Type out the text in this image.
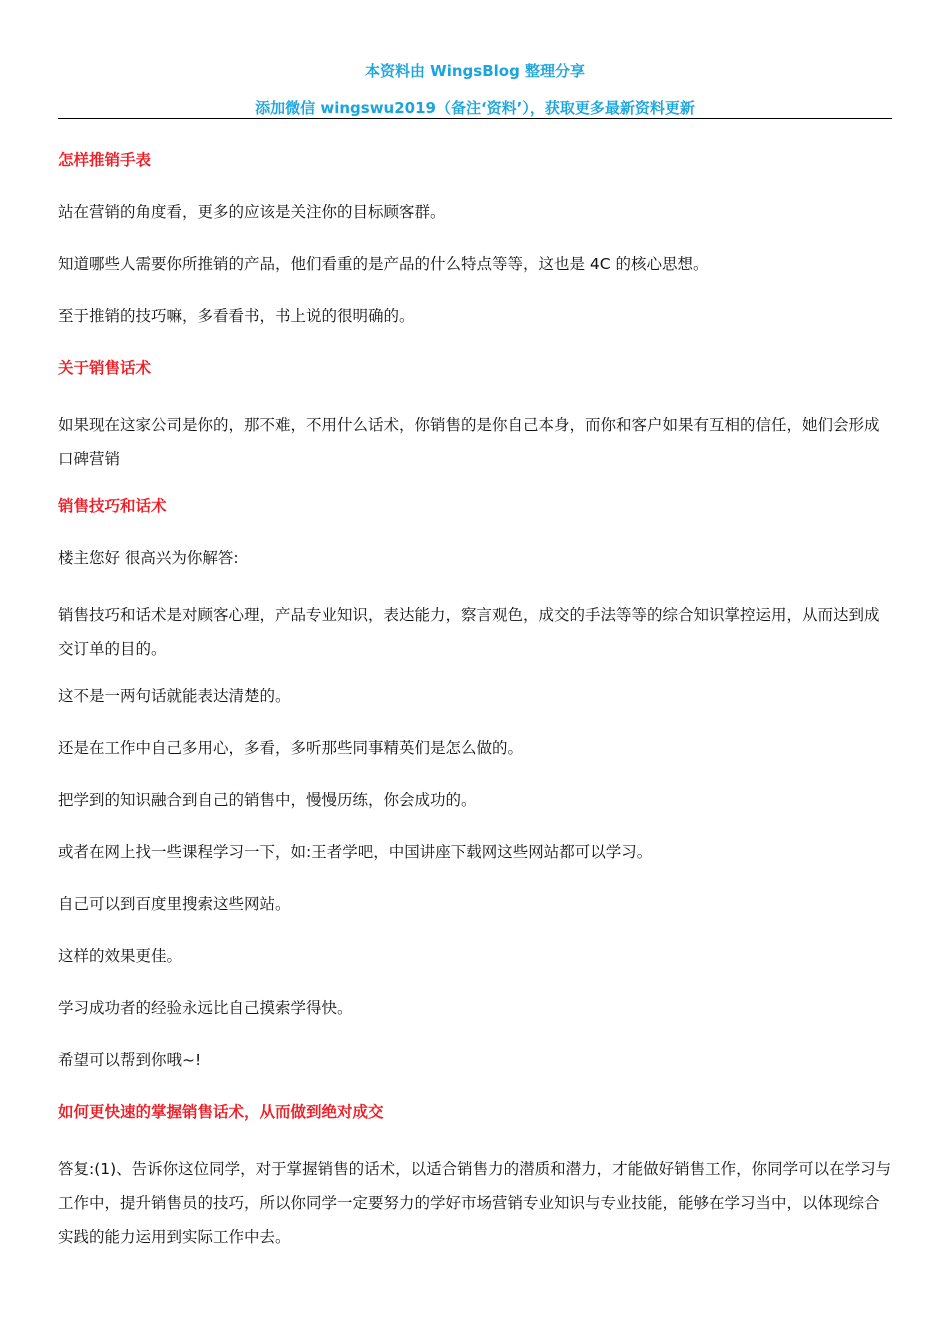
本资料由 WingsBlog 整理分享
添加微信 wingswu2019（备注‘资料’），获取更多最新资料更新
怎样推销手表
站在营销的角度看，更多的应该是关注你的目标顾客群。
知道哪些人需要你所推销的产品，他们看重的是产品的什么特点等等，这也是 4C 的核心思想。
至于推销的技巧嘛，多看看书，书上说的很明确的。
关于销售话术
如果现在这家公司是你的，那不难，不用什么话术，你销售的是你自己本身，而你和客户如果有互相的信任，她们会形成口碑营销
销售技巧和话术
楼主您好 很高兴为你解答:
销售技巧和话术是对顾客心理，产品专业知识，表达能力，察言观色，成交的手法等等的综合知识掌控运用，从而达到成交订单的目的。
这不是一两句话就能表达清楚的。
还是在工作中自己多用心，多看，多听那些同事精英们是怎么做的。
把学到的知识融合到自己的销售中，慢慢历练，你会成功的。
或者在网上找一些课程学习一下，如:王者学吧，中国讲座下载网这些网站都可以学习。
自己可以到百度里搜索这些网站。
这样的效果更佳。
学习成功者的经验永远比自己摸索学得快。
希望可以帮到你哦~!
如何更快速的掌握销售话术，从而做到绝对成交
答复:(1)、告诉你这位同学，对于掌握销售的话术，以适合销售力的潜质和潜力，才能做好销售工作，你同学可以在学习与工作中，提升销售员的技巧，所以你同学一定要努力的学好市场营销专业知识与专业技能，能够在学习当中，以体现综合实践的能力运用到实际工作中去。
